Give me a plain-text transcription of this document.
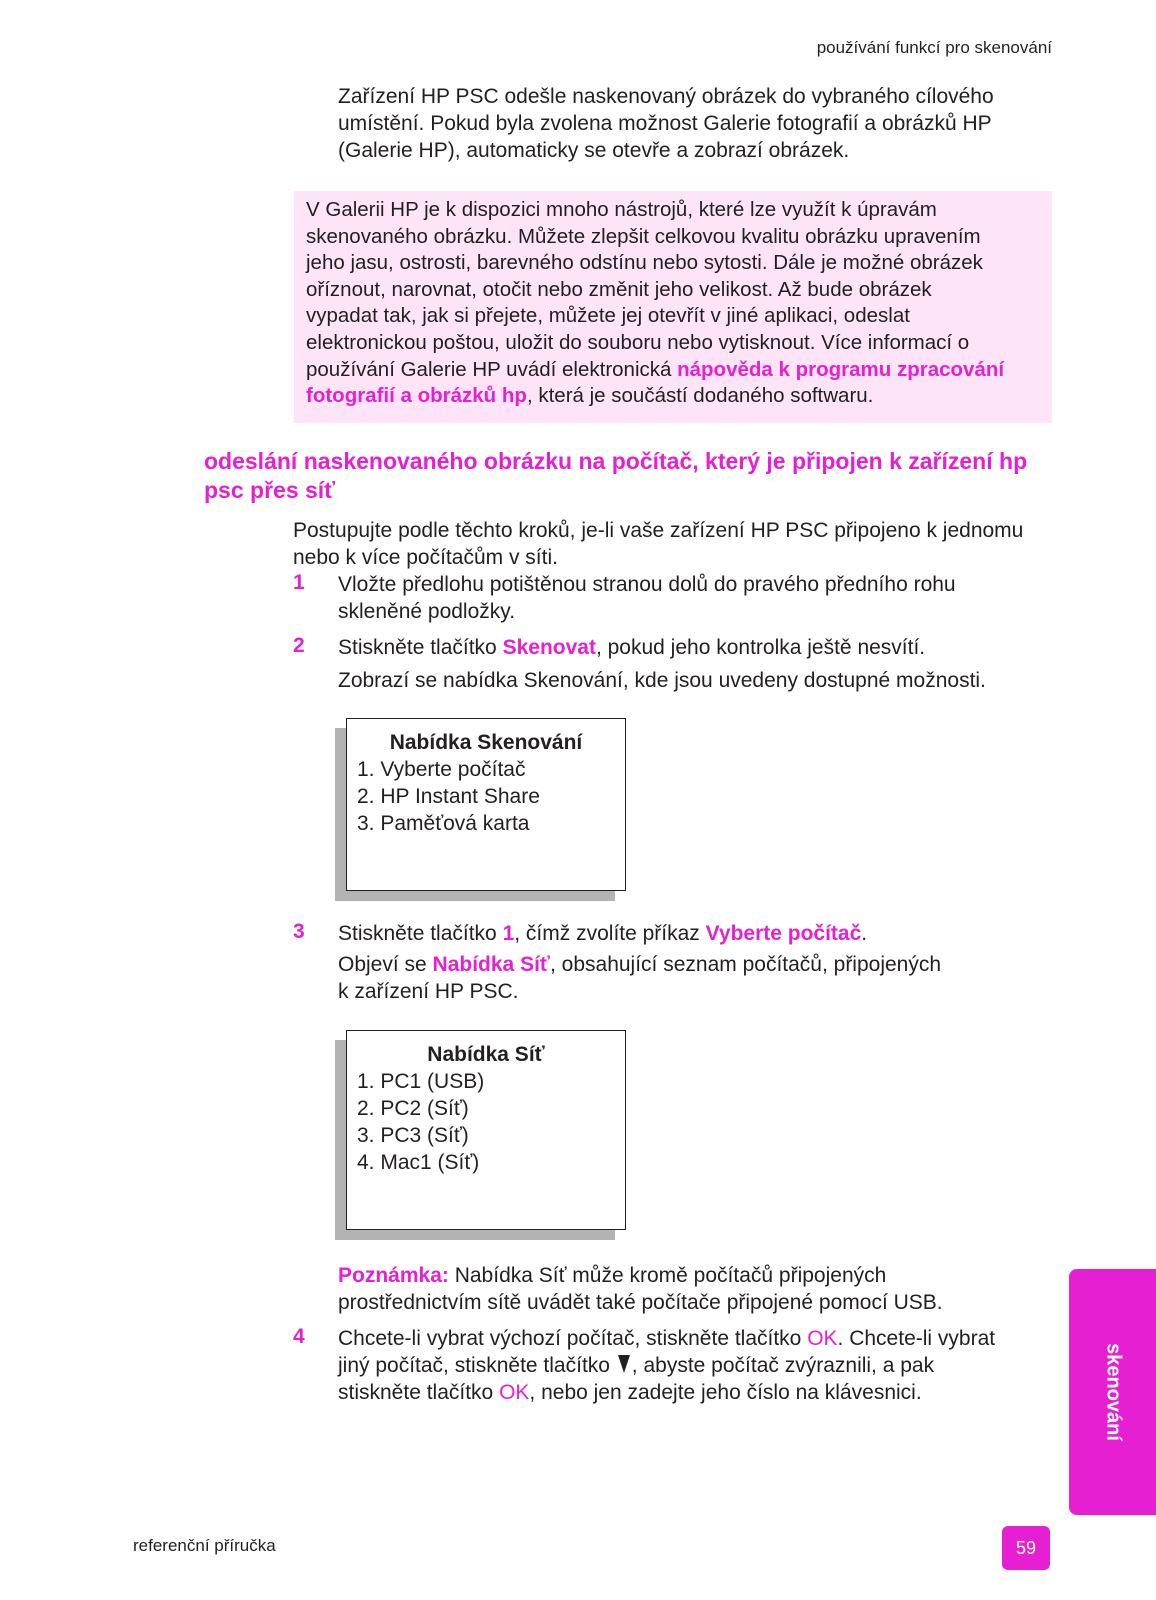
používání funkcí pro skenování
Zařízení HP PSC odešle naskenovaný obrázek do vybraného cílového
umístění. Pokud byla zvolena možnost Galerie fotografií a obrázků HP
(Galerie HP), automaticky se otevře a zobrazí obrázek.
V Galerii HP je k dispozici mnoho nástrojů, které lze využít k úpravám
skenovaného obrázku. Můžete zlepšit celkovou kvalitu obrázku upravením
jeho jasu, ostrosti, barevného odstínu nebo sytosti. Dále je možné obrázek
oříznout, narovnat, otočit nebo změnit jeho velikost. Až bude obrázek
vypadat tak, jak si přejete, můžete jej otevřít v jiné aplikaci, odeslat
elektronickou poštou, uložit do souboru nebo vytisknout. Více informací o
používání Galerie HP uvádí elektronická nápověda k programu zpracování
fotografií a obrázků hp, která je součástí dodaného softwaru.
odeslání naskenovaného obrázku na počítač, který je připojen k zařízení hp
psc přes síť
Postupujte podle těchto kroků, je-li vaše zařízení HP PSC připojeno k jednomu
nebo k více počítačům v síti.
1 Vložte předlohu potištěnou stranou dolů do pravého předního rohu
skleněné podložky.
2 Stiskněte tlačítko Skenovat, pokud jeho kontrolka ještě nesvítí.
Zobrazí se nabídka Skenování, kde jsou uvedeny dostupné možnosti.
Nabídka Skenování
1. Vyberte počítač
2. HP Instant Share
3. Paměťová karta
3 Stiskněte tlačítko 1, čímž zvolíte příkaz Vyberte počítač.
Objeví se Nabídka Síť, obsahující seznam počítačů, připojených
k zařízení HP PSC.
Nabídka Síť
1. PC1 (USB)
2. PC2 (Síť)
3. PC3 (Síť)
4. Mac1 (Síť)
Poznámka: Nabídka Síť může kromě počítačů připojených
prostřednictvím sítě uvádět také počítače připojené pomocí USB.
4 Chcete-li vybrat výchozí počítač, stiskněte tlačítko OK. Chcete-li vybrat
jiný počítač, stiskněte tlačítko , abyste počítač zvýraznili, a pak
stiskněte tlačítko OK, nebo jen zadejte jeho číslo na klávesnici.	skenování
referenční příručka	59
